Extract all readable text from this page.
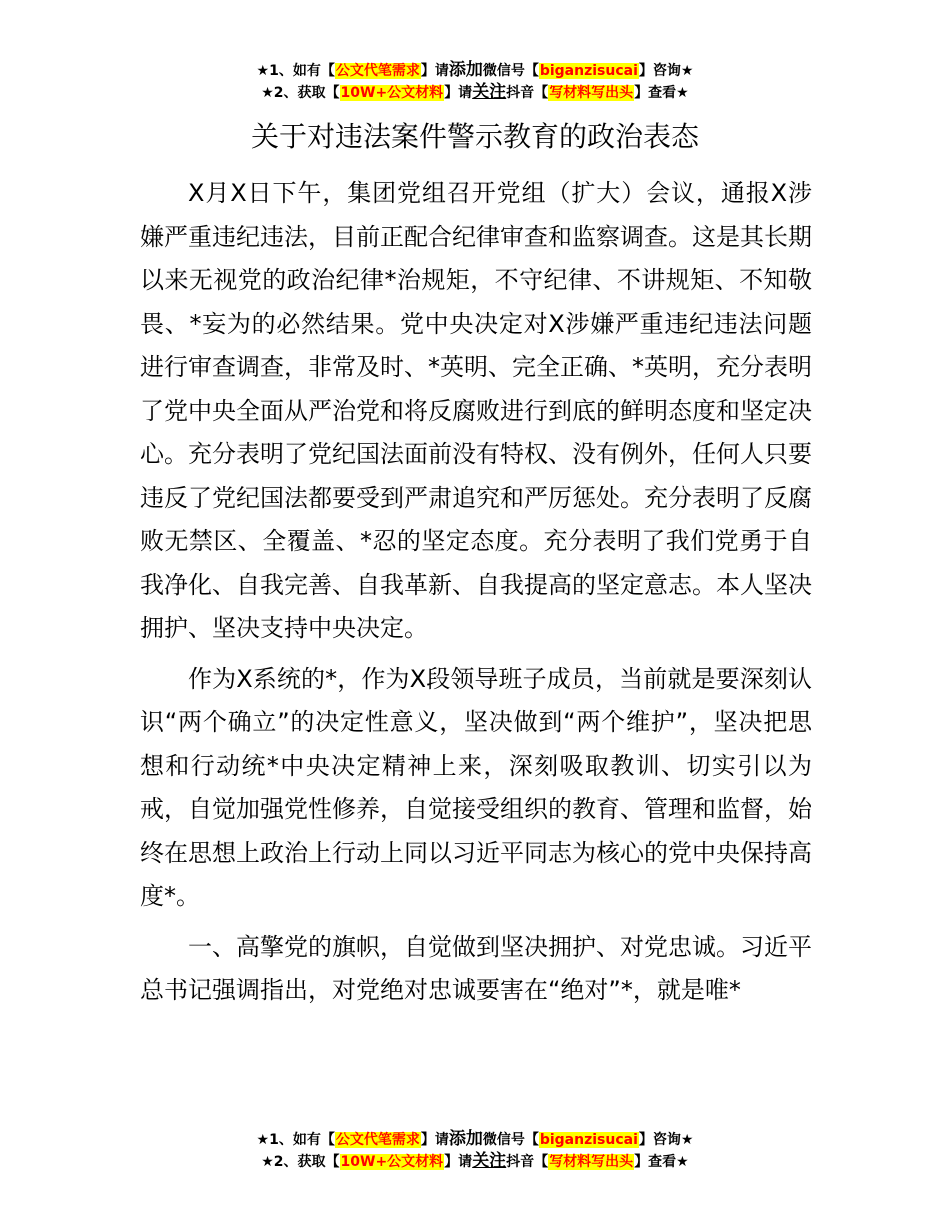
★1、如有【公文代笔需求】请添加微信号【biganzisucai】咨询★
★2、获取【10W+公文材料】请关注抖音【写材料写出头】查看★
关于对违法案件警示教育的政治表态

X月X日下午，集团党组召开党组（扩大）会议，通报X涉嫌严重违纪违法，目前正配合纪律审查和监察调查。这是其长期以来无视党的政治纪律*治规矩，不守纪律、不讲规矩、不知敬畏、*妄为的必然结果。党中央决定对X涉嫌严重违纪违法问题进行审查调查，非常及时、*英明、完全正确、*英明，充分表明了党中央全面从严治党和将反腐败进行到底的鲜明态度和坚定决心。充分表明了党纪国法面前没有特权、没有例外，任何人只要违反了党纪国法都要受到严肃追究和严厉惩处。充分表明了反腐败无禁区、全覆盖、*忍的坚定态度。充分表明了我们党勇于自我净化、自我完善、自我革新、自我提高的坚定意志。本人坚决拥护、坚决支持中央决定。

作为X系统的*，作为X段领导班子成员，当前就是要深刻认识“两个确立”的决定性意义，坚决做到“两个维护”，坚决把思想和行动统*中央决定精神上来，深刻吸取教训、切实引以为戒，自觉加强党性修养，自觉接受组织的教育、管理和监督，始终在思想上政治上行动上同以习近平同志为核心的党中央保持高度*。

一、高擎党的旗帜，自觉做到坚决拥护、对党忠诚。习近平总书记强调指出，对党绝对忠诚要害在“绝对”*，就是唯*

★1、如有【公文代笔需求】请添加微信号【biganzisucai】咨询★
★2、获取【10W+公文材料】请关注抖音【写材料写出头】查看★
